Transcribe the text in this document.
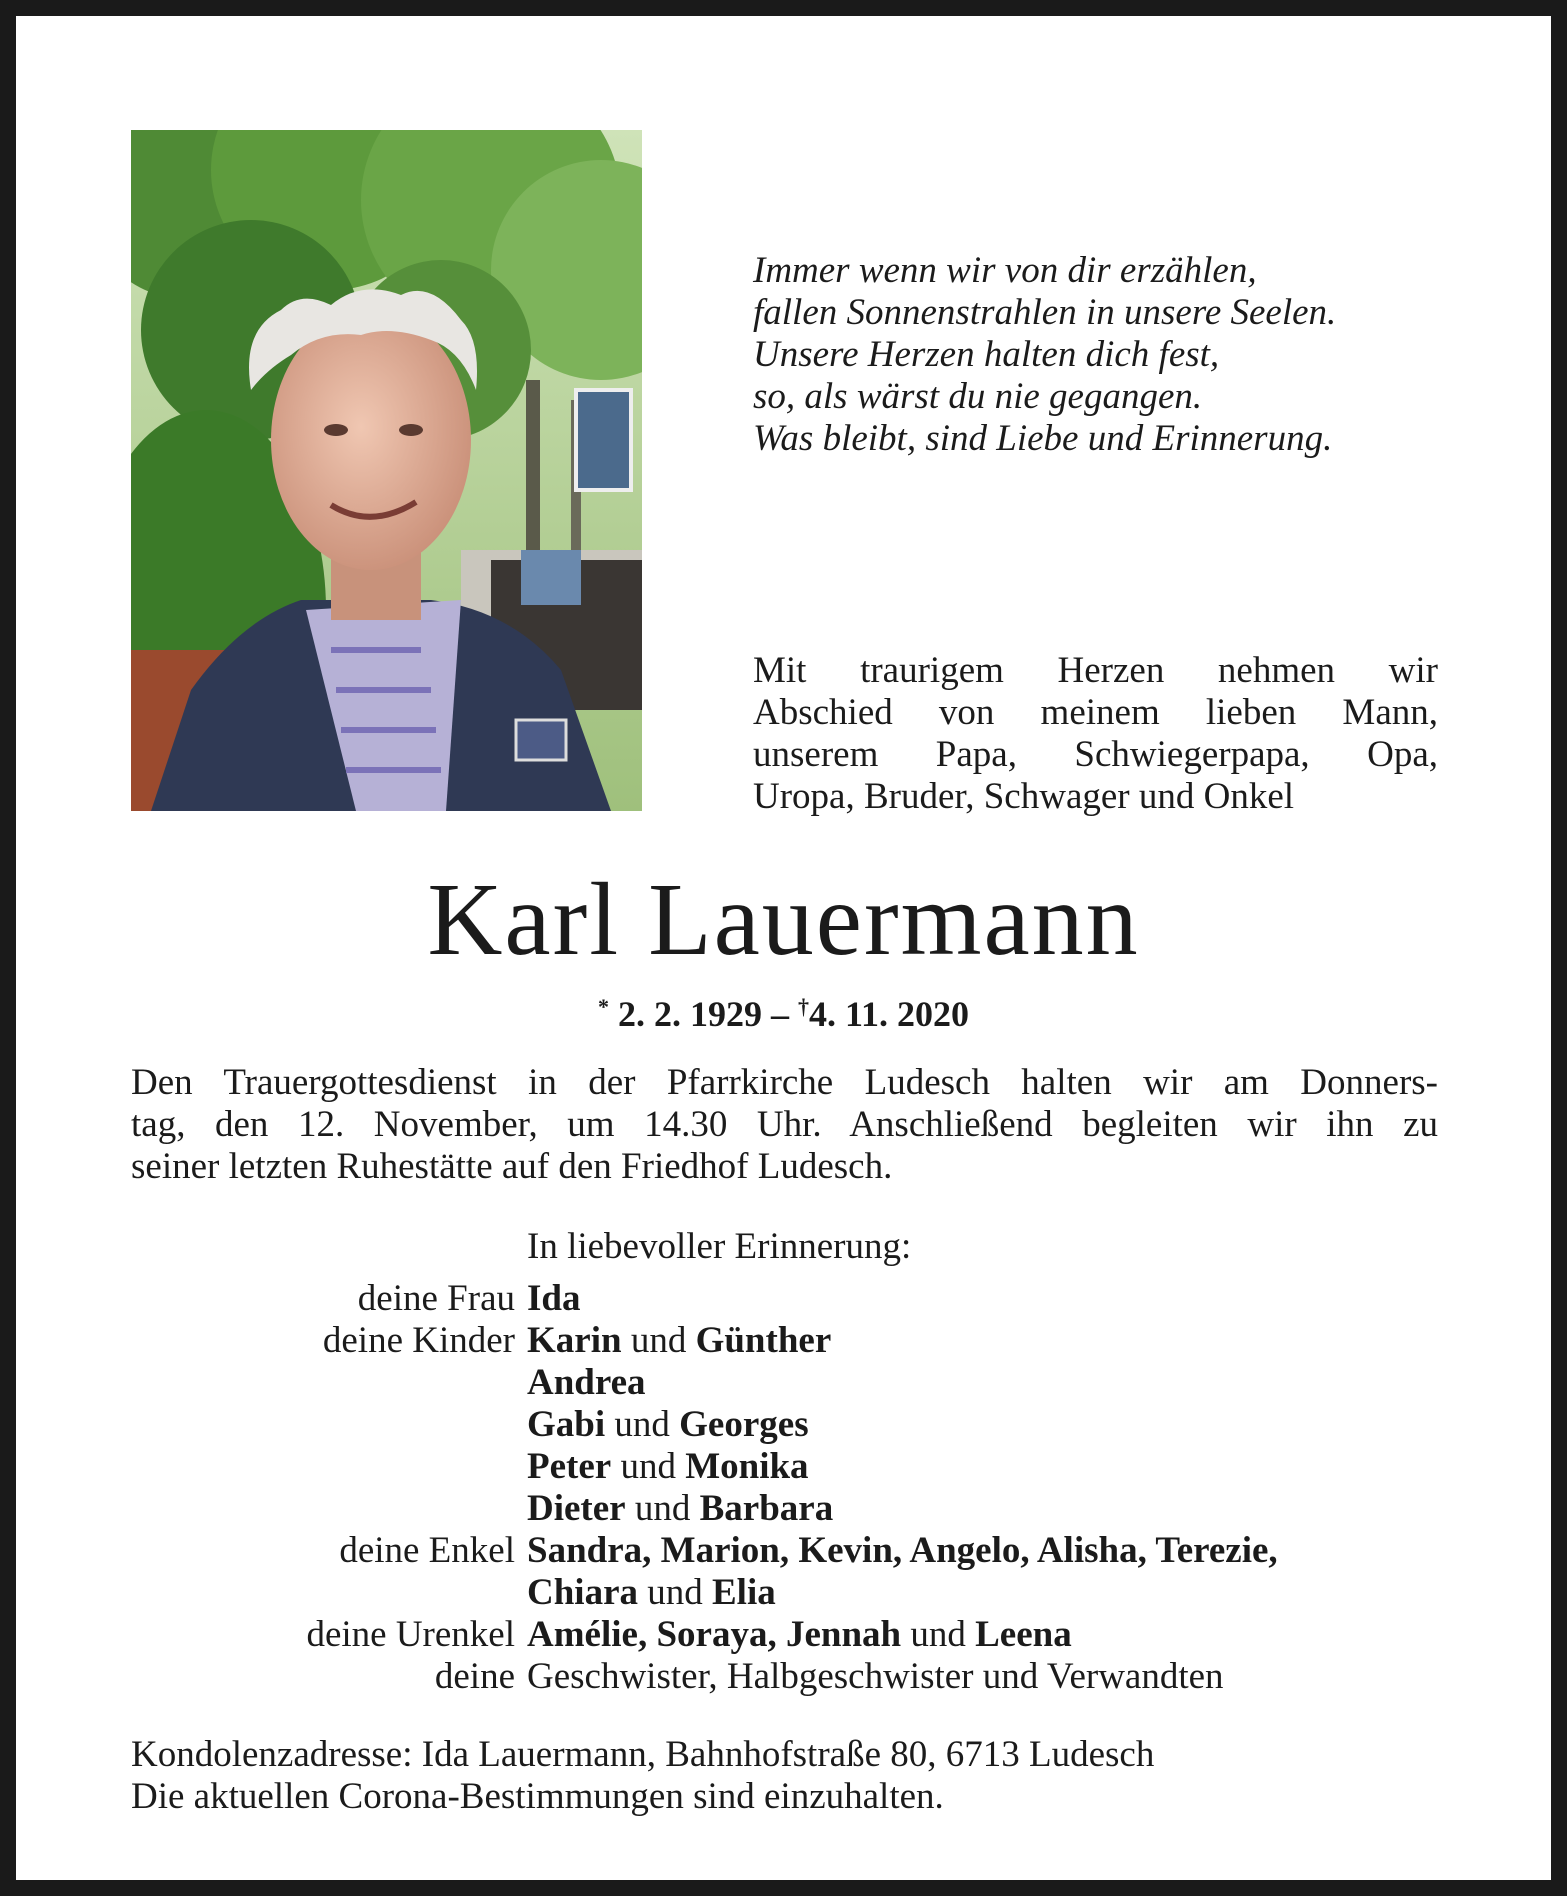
Immer wenn wir von dir erzählen,
fallen Sonnenstrahlen in unsere Seelen.
Unsere Herzen halten dich fest,
so, als wärst du nie gegangen.
Was bleibt, sind Liebe und Erinnerung.
Mit traurigem Herzen nehmen wir
Abschied von meinem lieben Mann,
unserem Papa, Schwiegerpapa, Opa,
Uropa, Bruder, Schwager und Onkel
Karl Lauermann
* 2. 2. 1929 – †4. 11. 2020
Den Trauergottesdienst in der Pfarrkirche Ludesch halten wir am Donners-
tag, den 12. November, um 14.30 Uhr. Anschließend begleiten wir ihn zu
seiner letzten Ruhestätte auf den Friedhof Ludesch.
In liebevoller Erinnerung:
deine Frau Ida
deine Kinder Karin und Günther
Andrea
Gabi und Georges
Peter und Monika
Dieter und Barbara
deine Enkel Sandra, Marion, Kevin, Angelo, Alisha, Terezie,
Chiara und Elia
deine Urenkel Amélie, Soraya, Jennah und Leena
deine Geschwister, Halbgeschwister und Verwandten
Kondolenzadresse: Ida Lauermann, Bahnhofstraße 80, 6713 Ludesch
Die aktuellen Corona-Bestimmungen sind einzuhalten.
